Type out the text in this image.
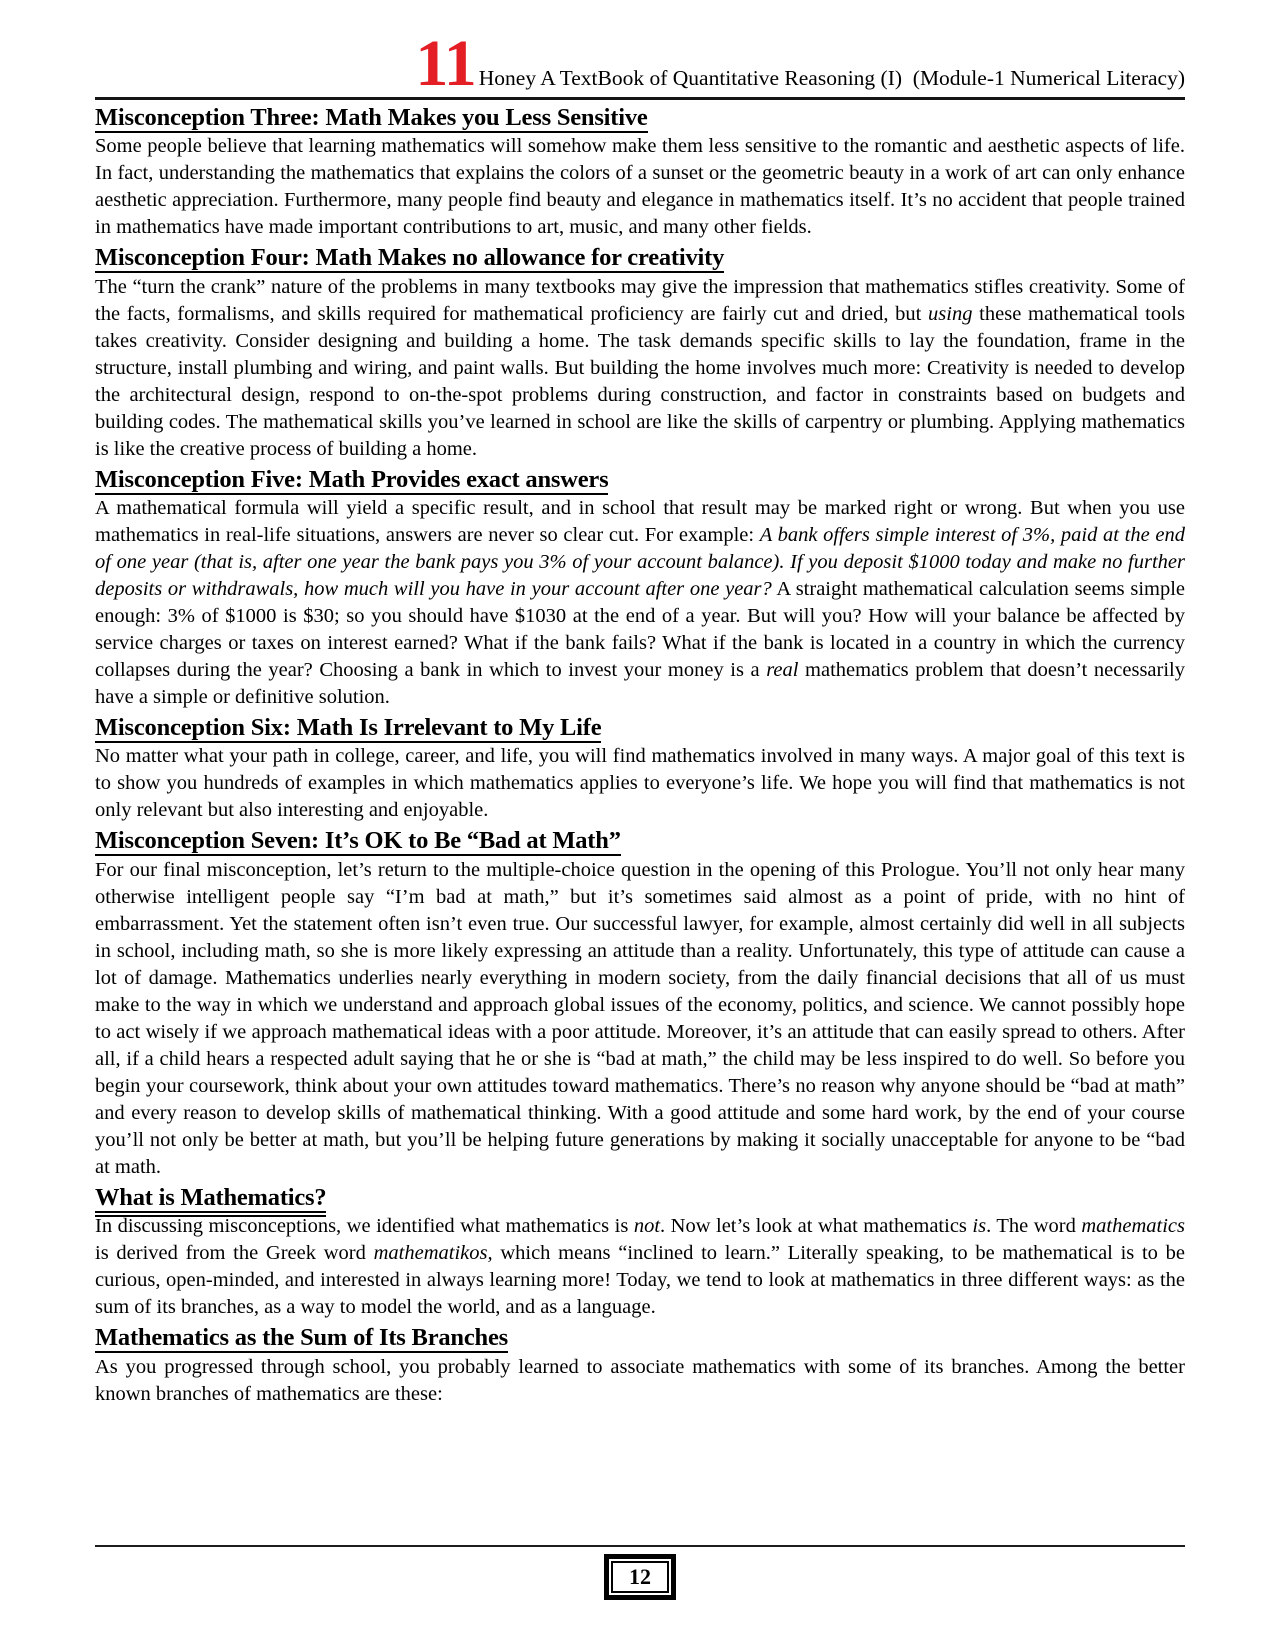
11 Honey A TextBook of Quantitative Reasoning (I)  (Module-1 Numerical Literacy)
Misconception Three: Math Makes you Less Sensitive

Some people believe that learning mathematics will somehow make them less sensitive to the romantic and aesthetic aspects of life. In fact, understanding the mathematics that explains the colors of a sunset or the geometric beauty in a work of art can only enhance aesthetic appreciation. Furthermore, many people find beauty and elegance in mathematics itself. It’s no accident that people trained in mathematics have made important contributions to art, music, and many other fields.

Misconception Four: Math Makes no allowance for creativity

The “turn the crank” nature of the problems in many textbooks may give the impression that mathematics stifles creativity. Some of the facts, formalisms, and skills required for mathematical proficiency are fairly cut and dried, but using these mathematical tools takes creativity. Consider designing and building a home. The task demands specific skills to lay the foundation, frame in the structure, install plumbing and wiring, and paint walls. But building the home involves much more: Creativity is needed to develop the architectural design, respond to on-the-spot problems during construction, and factor in constraints based on budgets and building codes. The mathematical skills you’ve learned in school are like the skills of carpentry or plumbing. Applying mathematics is like the creative process of building a home.

Misconception Five: Math Provides exact answers

A mathematical formula will yield a specific result, and in school that result may be marked right or wrong. But when you use mathematics in real-life situations, answers are never so clear cut. For example: A bank offers simple interest of 3%, paid at the end of one year (that is, after one year the bank pays you 3% of your account balance). If you deposit $1000 today and make no further deposits or withdrawals, how much will you have in your account after one year? A straight mathematical calculation seems simple enough: 3% of $1000 is $30; so you should have $1030 at the end of a year. But will you? How will your balance be affected by service charges or taxes on interest earned? What if the bank fails? What if the bank is located in a country in which the currency collapses during the year? Choosing a bank in which to invest your money is a real mathematics problem that doesn’t necessarily have a simple or definitive solution.

Misconception Six: Math Is Irrelevant to My Life

No matter what your path in college, career, and life, you will find mathematics involved in many ways. A major goal of this text is to show you hundreds of examples in which mathematics applies to everyone’s life. We hope you will find that mathematics is not only relevant but also interesting and enjoyable.

Misconception Seven: It’s OK to Be “Bad at Math”

For our final misconception, let’s return to the multiple-choice question in the opening of this Prologue. You’ll not only hear many otherwise intelligent people say “I’m bad at math,” but it’s sometimes said almost as a point of pride, with no hint of embarrassment. Yet the statement often isn’t even true. Our successful lawyer, for example, almost certainly did well in all subjects in school, including math, so she is more likely expressing an attitude than a reality. Unfortunately, this type of attitude can cause a lot of damage. Mathematics underlies nearly everything in modern society, from the daily financial decisions that all of us must make to the way in which we understand and approach global issues of the economy, politics, and science. We cannot possibly hope to act wisely if we approach mathematical ideas with a poor attitude. Moreover, it’s an attitude that can easily spread to others. After all, if a child hears a respected adult saying that he or she is “bad at math,” the child may be less inspired to do well. So before you begin your coursework, think about your own attitudes toward mathematics. There’s no reason why anyone should be “bad at math” and every reason to develop skills of mathematical thinking. With a good attitude and some hard work, by the end of your course you’ll not only be better at math, but you’ll be helping future generations by making it socially unacceptable for anyone to be “bad at math.

What is Mathematics?

In discussing misconceptions, we identified what mathematics is not. Now let’s look at what mathematics is. The word mathematics is derived from the Greek word mathematikos, which means “inclined to learn.” Literally speaking, to be mathematical is to be curious, open-minded, and interested in always learning more! Today, we tend to look at mathematics in three different ways: as the sum of its branches, as a way to model the world, and as a language.

Mathematics as the Sum of Its Branches

As you progressed through school, you probably learned to associate mathematics with some of its branches. Among the better known branches of mathematics are these:

12
